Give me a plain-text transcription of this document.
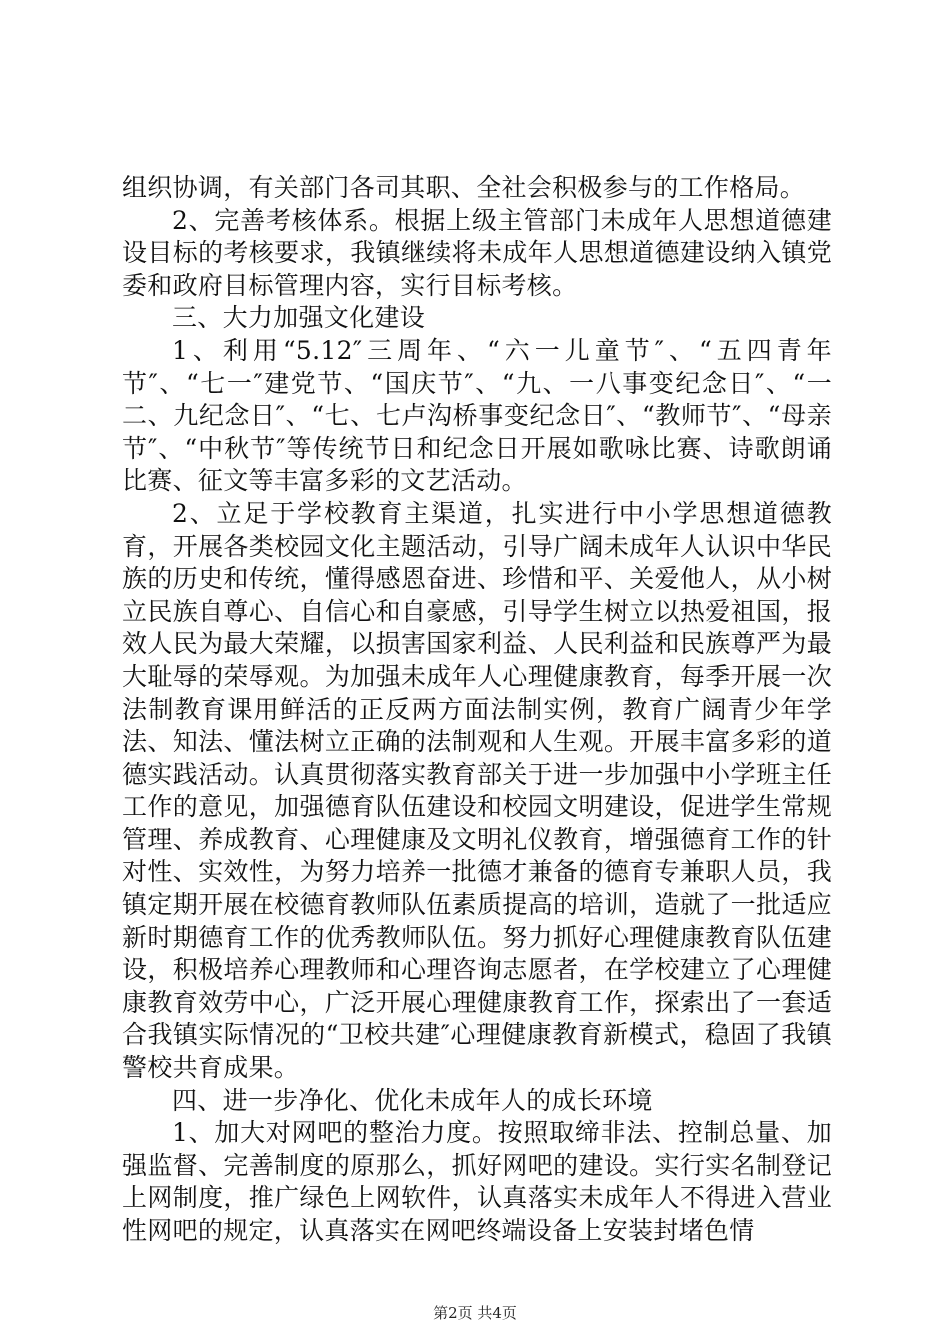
组织协调，有关部门各司其职、全社会积极参与的工作格局。

2、完善考核体系。根据上级主管部门未成年人思想道德建设目标的考核要求，我镇继续将未成年人思想道德建设纳入镇党委和政府目标管理内容，实行目标考核。

三、大力加强文化建设

1、利用“5.12″三周年、“六一儿童节″、“五四青年节″、“七一″建党节、“国庆节″、“九、一八事变纪念日″、“一二、九纪念日″、“七、七卢沟桥事变纪念日″、“教师节″、“母亲节″、“中秋节″等传统节日和纪念日开展如歌咏比赛、诗歌朗诵比赛、征文等丰富多彩的文艺活动。

2、立足于学校教育主渠道，扎实进行中小学思想道德教育，开展各类校园文化主题活动，引导广阔未成年人认识中华民族的历史和传统，懂得感恩奋进、珍惜和平、关爱他人，从小树立民族自尊心、自信心和自豪感，引导学生树立以热爱祖国，报效人民为最大荣耀，以损害国家利益、人民利益和民族尊严为最大耻辱的荣辱观。为加强未成年人心理健康教育，每季开展一次法制教育课用鲜活的正反两方面法制实例，教育广阔青少年学法、知法、懂法树立正确的法制观和人生观。开展丰富多彩的道德实践活动。认真贯彻落实教育部关于进一步加强中小学班主任工作的意见，加强德育队伍建设和校园文明建设，促进学生常规管理、养成教育、心理健康及文明礼仪教育，增强德育工作的针对性、实效性，为努力培养一批德才兼备的德育专兼职人员，我镇定期开展在校德育教师队伍素质提高的培训，造就了一批适应新时期德育工作的优秀教师队伍。努力抓好心理健康教育队伍建设，积极培养心理教师和心理咨询志愿者，在学校建立了心理健康教育效劳中心，广泛开展心理健康教育工作，探索出了一套适合我镇实际情况的“卫校共建″心理健康教育新模式，稳固了我镇警校共育成果。

四、进一步净化、优化未成年人的成长环境

1、加大对网吧的整治力度。按照取缔非法、控制总量、加强监督、完善制度的原那么，抓好网吧的建设。实行实名制登记上网制度，推广绿色上网软件，认真落实未成年人不得进入营业性网吧的规定，认真落实在网吧终端设备上安装封堵色情

第2页 共4页
